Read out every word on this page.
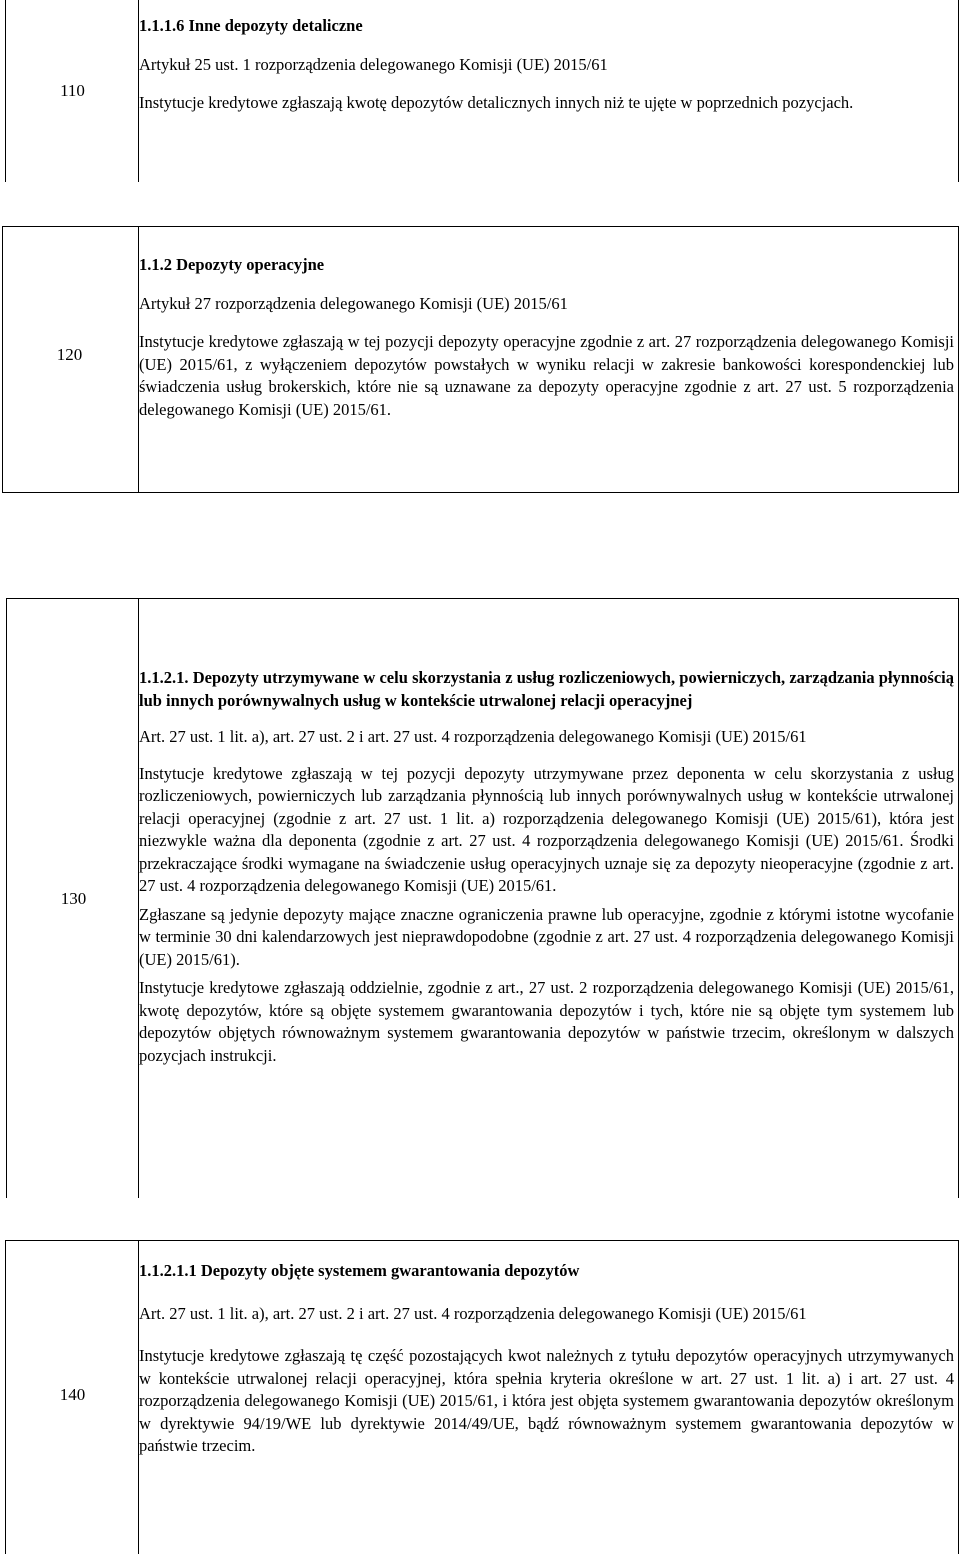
110

1.1.1.6 Inne depozyty detaliczne

Artykuł 25 ust. 1 rozporządzenia delegowanego Komisji (UE) 2015/61

Instytucje kredytowe zgłaszają kwotę depozytów detalicznych innych niż te ujęte w poprzednich pozycjach.

120

1.1.2 Depozyty operacyjne

Artykuł 27 rozporządzenia delegowanego Komisji (UE) 2015/61

Instytucje kredytowe zgłaszają w tej pozycji depozyty operacyjne zgodnie z art. 27 rozporządzenia delegowanego Komisji (UE) 2015/61, z wyłączeniem depozytów powstałych w wyniku relacji w zakresie bankowości korespondenckiej lub świadczenia usług brokerskich, które nie są uznawane za depozyty operacyjne zgodnie z art. 27 ust. 5 rozporządzenia delegowanego Komisji (UE) 2015/61.

130

1.1.2.1. Depozyty utrzymywane w celu skorzystania z usług rozliczeniowych, powierniczych, zarządzania płynnością lub innych porównywalnych usług w kontekście utrwalonej relacji operacyjnej

Art. 27 ust. 1 lit. a), art. 27 ust. 2 i art. 27 ust. 4 rozporządzenia delegowanego Komisji (UE) 2015/61

Instytucje kredytowe zgłaszają w tej pozycji depozyty utrzymywane przez deponenta w celu skorzystania z usług rozliczeniowych, powierniczych lub zarządzania płynnością lub innych porównywalnych usług w kontekście utrwalonej relacji operacyjnej (zgodnie z art. 27 ust. 1 lit. a) rozporządzenia delegowanego Komisji (UE) 2015/61), która jest niezwykle ważna dla deponenta (zgodnie z art. 27 ust. 4 rozporządzenia delegowanego Komisji (UE) 2015/61. Środki przekraczające środki wymagane na świadczenie usług operacyjnych uznaje się za depozyty nieoperacyjne (zgodnie z art. 27 ust. 4 rozporządzenia delegowanego Komisji (UE) 2015/61.

Zgłaszane są jedynie depozyty mające znaczne ograniczenia prawne lub operacyjne, zgodnie z którymi istotne wycofanie w terminie 30 dni kalendarzowych jest nieprawdopodobne (zgodnie z art. 27 ust. 4 rozporządzenia delegowanego Komisji (UE) 2015/61).

Instytucje kredytowe zgłaszają oddzielnie, zgodnie z art., 27 ust. 2 rozporządzenia delegowanego Komisji (UE) 2015/61, kwotę depozytów, które są objęte systemem gwarantowania depozytów i tych, które nie są objęte tym systemem lub depozytów objętych równoważnym systemem gwarantowania depozytów w państwie trzecim, określonym w dalszych pozycjach instrukcji.

140

1.1.2.1.1 Depozyty objęte systemem gwarantowania depozytów

Art. 27 ust. 1 lit. a), art. 27 ust. 2 i art. 27 ust. 4 rozporządzenia delegowanego Komisji (UE) 2015/61

Instytucje kredytowe zgłaszają tę część pozostających kwot należnych z tytułu depozytów operacyjnych utrzymywanych w kontekście utrwalonej relacji operacyjnej, która spełnia kryteria określone w art. 27 ust. 1 lit. a) i art. 27 ust. 4 rozporządzenia delegowanego Komisji (UE) 2015/61, i która jest objęta systemem gwarantowania depozytów określonym w dyrektywie 94/19/WE lub dyrektywie 2014/49/UE, bądź równoważnym systemem gwarantowania depozytów w państwie trzecim.
